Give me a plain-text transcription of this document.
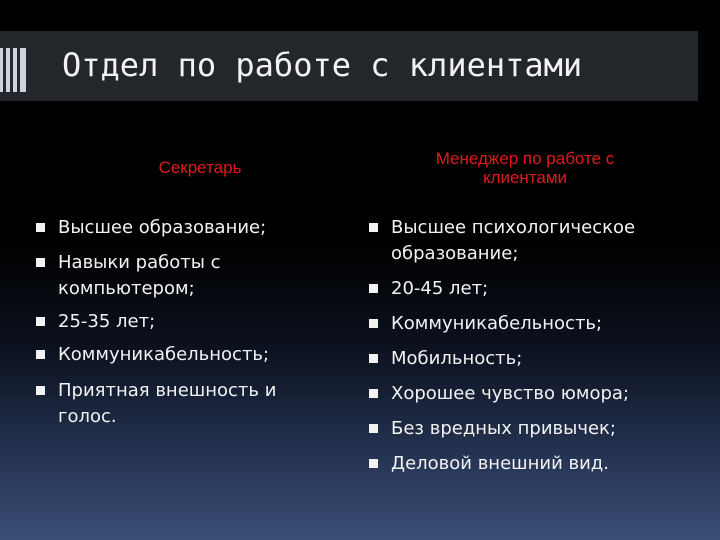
Отдел по работе с клиентами
Секретарь	Менеджер по работе с клиентами
Высшее образование;
Навыки работы с компьютером;
25-35 лет;
Коммуникабельность;
Приятная внешность и голос.
Высшее психологическое образование;
20-45 лет;
Коммуникабельность;
Мобильность;
Хорошее чувство юмора;
Без вредных привычек;
Деловой внешний вид.
